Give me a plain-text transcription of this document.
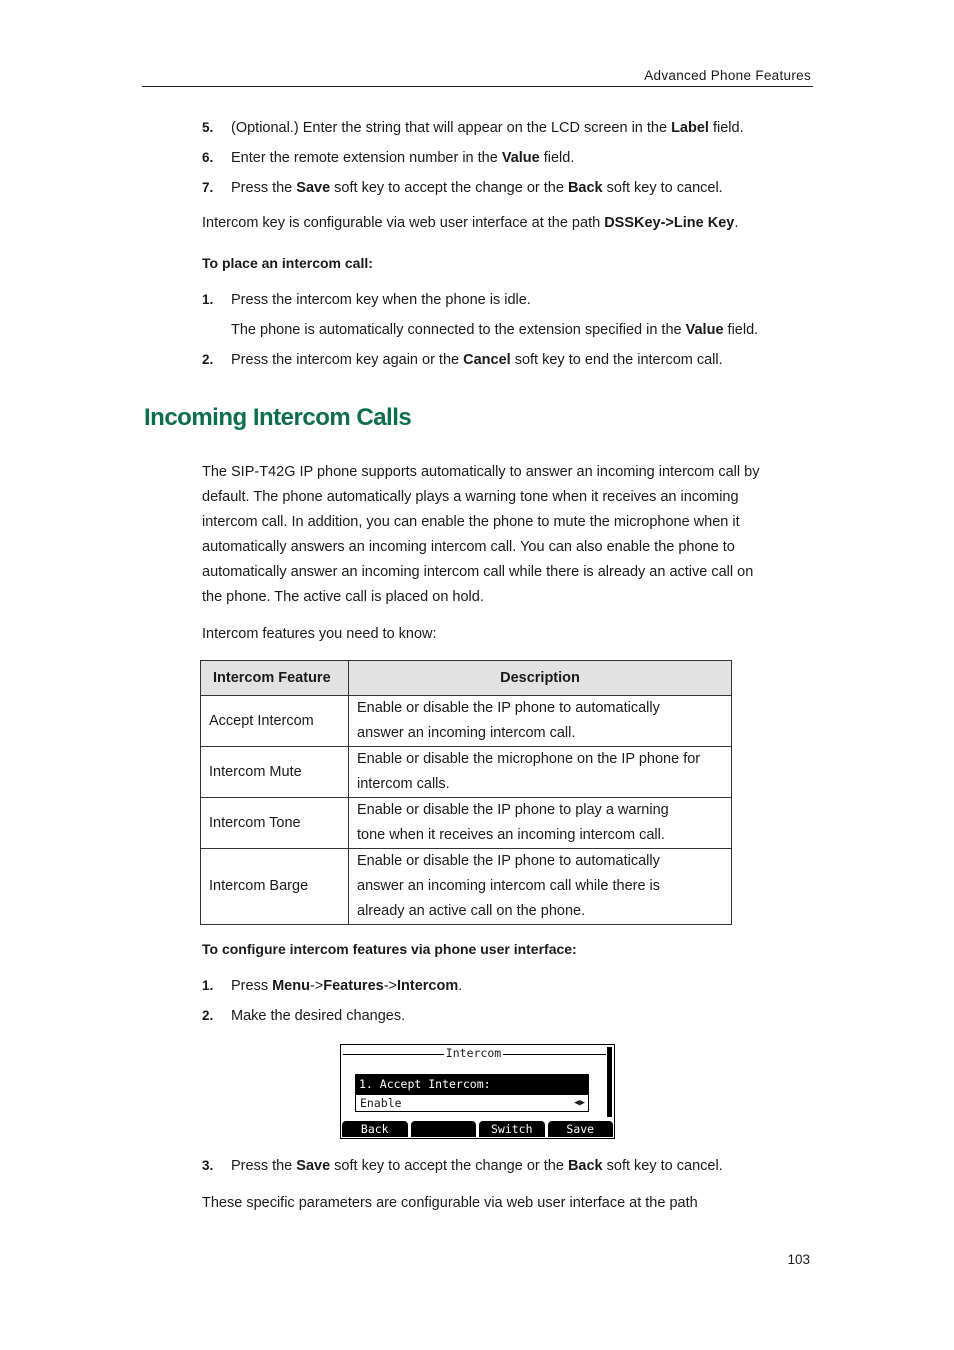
Advanced Phone Features
5. (Optional.) Enter the string that will appear on the LCD screen in the Label field.
6. Enter the remote extension number in the Value field.
7. Press the Save soft key to accept the change or the Back soft key to cancel.
Intercom key is configurable via web user interface at the path DSSKey->Line Key.
To place an intercom call:
1. Press the intercom key when the phone is idle.
The phone is automatically connected to the extension specified in the Value field.
2. Press the intercom key again or the Cancel soft key to end the intercom call.
Incoming Intercom Calls
The SIP-T42G IP phone supports automatically to answer an incoming intercom call by
default. The phone automatically plays a warning tone when it receives an incoming
intercom call. In addition, you can enable the phone to mute the microphone when it
automatically answers an incoming intercom call. You can also enable the phone to
automatically answer an incoming intercom call while there is already an active call on
the phone. The active call is placed on hold.
Intercom features you need to know:
Intercom Feature	Description
Accept Intercom	Enable or disable the IP phone to automatically
answer an incoming intercom call.

Intercom Mute	Enable or disable the microphone on the IP phone for
intercom calls.

Intercom Tone	Enable or disable the IP phone to play a warning
tone when it receives an incoming intercom call.

Intercom Barge	Enable or disable the IP phone to automatically
answer an incoming intercom call while there is
already an active call on the phone.
To configure intercom features via phone user interface:
1. Press Menu->Features->Intercom.
2. Make the desired changes.
Intercom
1. Accept Intercom:
Enable	◀▶
Back	Switch	Save
3. Press the Save soft key to accept the change or the Back soft key to cancel.
These specific parameters are configurable via web user interface at the path
103
